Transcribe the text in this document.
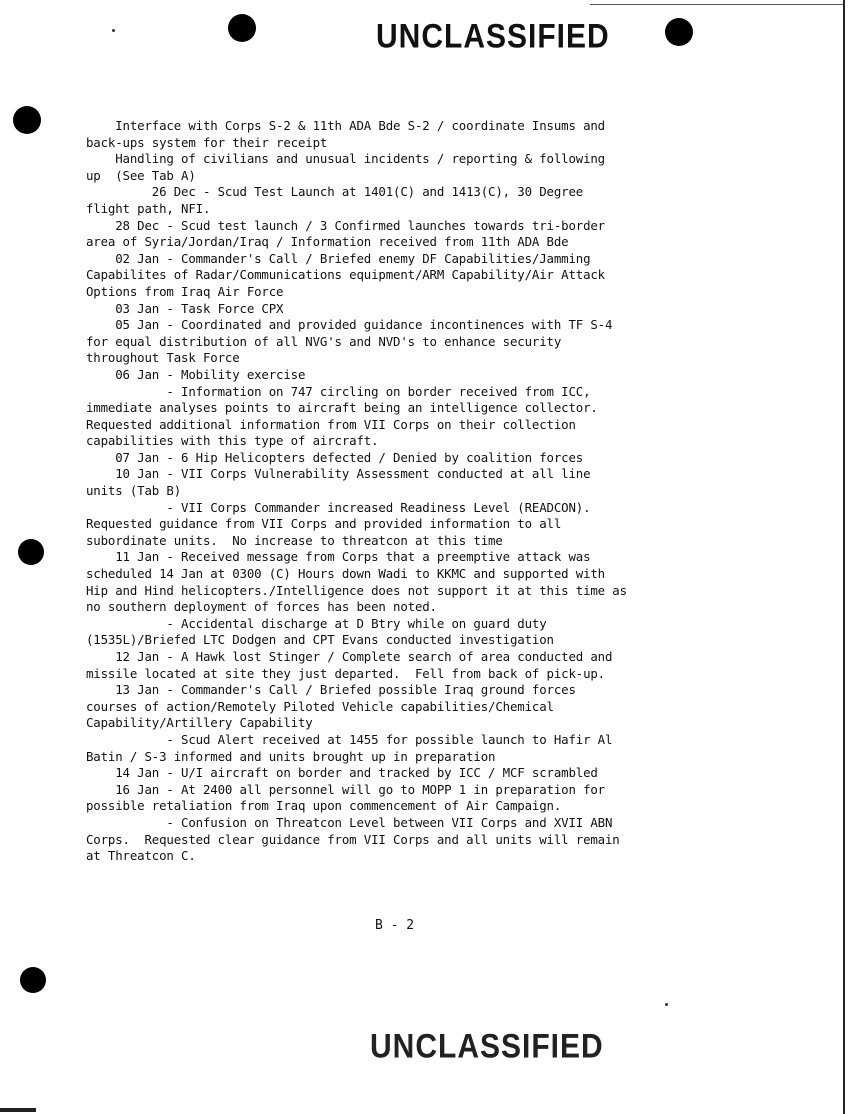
UNCLASSIFIED
Interface with Corps S-2 & 11th ADA Bde S-2 / coordinate Insums and
back-ups system for their receipt
Handling of civilians and unusual incidents / reporting & following
up  (See Tab A)
26 Dec - Scud Test Launch at 1401(C) and 1413(C), 30 Degree
flight path, NFI.
28 Dec - Scud test launch / 3 Confirmed launches towards tri-border
area of Syria/Jordan/Iraq / Information received from 11th ADA Bde
02 Jan - Commander's Call / Briefed enemy DF Capabilities/Jamming
Capabilites of Radar/Communications equipment/ARM Capability/Air Attack
Options from Iraq Air Force
03 Jan - Task Force CPX
05 Jan - Coordinated and provided guidance incontinences with TF S-4
for equal distribution of all NVG's and NVD's to enhance security
throughout Task Force
06 Jan - Mobility exercise
- Information on 747 circling on border received from ICC,
immediate analyses points to aircraft being an intelligence collector.
Requested additional information from VII Corps on their collection
capabilities with this type of aircraft.
07 Jan - 6 Hip Helicopters defected / Denied by coalition forces
10 Jan - VII Corps Vulnerability Assessment conducted at all line
units (Tab B)
- VII Corps Commander increased Readiness Level (READCON).
Requested guidance from VII Corps and provided information to all
subordinate units.  No increase to threatcon at this time
11 Jan - Received message from Corps that a preemptive attack was
scheduled 14 Jan at 0300 (C) Hours down Wadi to KKMC and supported with
Hip and Hind helicopters./Intelligence does not support it at this time as
no southern deployment of forces has been noted.
- Accidental discharge at D Btry while on guard duty
(1535L)/Briefed LTC Dodgen and CPT Evans conducted investigation
12 Jan - A Hawk lost Stinger / Complete search of area conducted and
missile located at site they just departed.  Fell from back of pick-up.
13 Jan - Commander's Call / Briefed possible Iraq ground forces
courses of action/Remotely Piloted Vehicle capabilities/Chemical
Capability/Artillery Capability
- Scud Alert received at 1455 for possible launch to Hafir Al
Batin / S-3 informed and units brought up in preparation
14 Jan - U/I aircraft on border and tracked by ICC / MCF scrambled
16 Jan - At 2400 all personnel will go to MOPP 1 in preparation for
possible retaliation from Iraq upon commencement of Air Campaign.
- Confusion on Threatcon Level between VII Corps and XVII ABN
Corps.  Requested clear guidance from VII Corps and all units will remain
at Threatcon C.
B - 2
UNCLASSIFIED
